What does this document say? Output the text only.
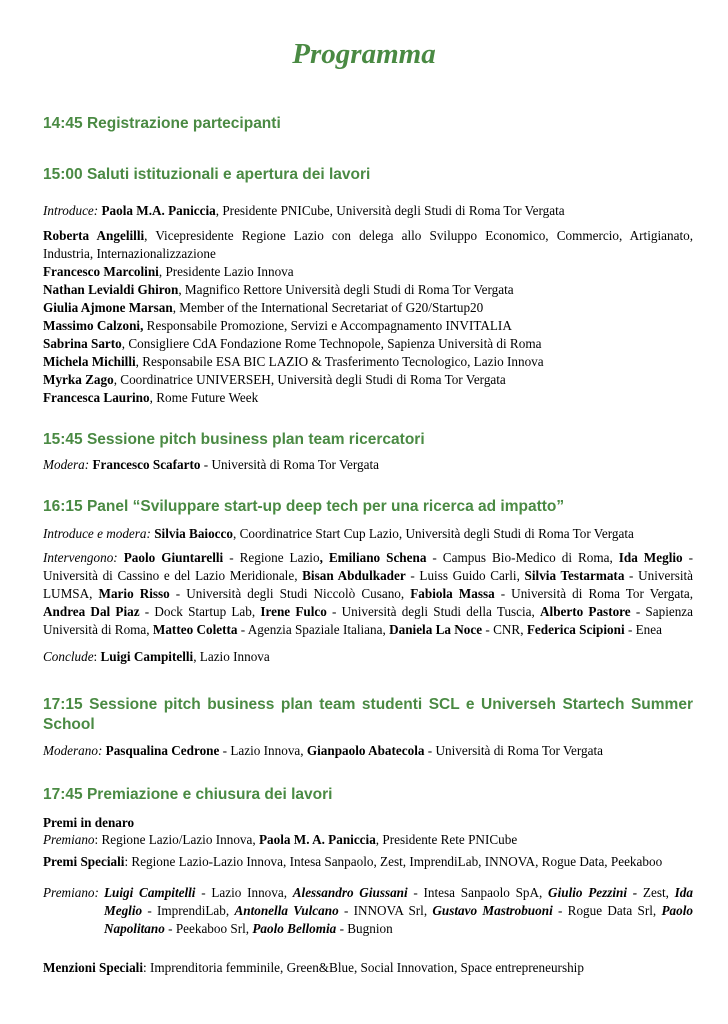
Programma
14:45 Registrazione partecipanti
15:00 Saluti istituzionali e apertura dei lavori
Introduce: Paola M.A. Paniccia, Presidente PNICube, Università degli Studi di Roma Tor Vergata
Roberta Angelilli, Vicepresidente Regione Lazio con delega allo Sviluppo Economico, Commercio, Artigianato, Industria, Internazionalizzazione
Francesco Marcolini, Presidente Lazio Innova
Nathan Levialdi Ghiron, Magnifico Rettore Università degli Studi di Roma Tor Vergata
Giulia Ajmone Marsan, Member of the International Secretariat of G20/Startup20
Massimo Calzoni, Responsabile Promozione, Servizi e Accompagnamento INVITALIA
Sabrina Sarto, Consigliere CdA Fondazione Rome Technopole, Sapienza Università di Roma
Michela Michilli, Responsabile ESA BIC LAZIO & Trasferimento Tecnologico, Lazio Innova
Myrka Zago, Coordinatrice UNIVERSEH, Università degli Studi di Roma Tor Vergata
Francesca Laurino, Rome Future Week
15:45 Sessione pitch business plan team ricercatori
Modera: Francesco Scafarto - Università di Roma Tor Vergata
16:15 Panel “Sviluppare start-up deep tech per una ricerca ad impatto”
Introduce e modera: Silvia Baiocco, Coordinatrice Start Cup Lazio, Università degli Studi di Roma Tor Vergata
Intervengono: Paolo Giuntarelli - Regione Lazio, Emiliano Schena - Campus Bio-Medico di Roma, Ida Meglio - Università di Cassino e del Lazio Meridionale, Bisan Abdulkader - Luiss Guido Carli, Silvia Testarmata - Università LUMSA, Mario Risso - Università degli Studi Niccolò Cusano, Fabiola Massa - Università di Roma Tor Vergata, Andrea Dal Piaz - Dock Startup Lab, Irene Fulco - Università degli Studi della Tuscia, Alberto Pastore - Sapienza Università di Roma, Matteo Coletta - Agenzia Spaziale Italiana, Daniela La Noce - CNR, Federica Scipioni - Enea
Conclude: Luigi Campitelli, Lazio Innova
17:15 Sessione pitch business plan team studenti SCL e Universeh Startech Summer School
Moderano: Pasqualina Cedrone - Lazio Innova, Gianpaolo Abatecola - Università di Roma Tor Vergata
17:45 Premiazione e chiusura dei lavori
Premi in denaro
Premiano: Regione Lazio/Lazio Innova, Paola M. A. Paniccia, Presidente Rete PNICube
Premi Speciali: Regione Lazio-Lazio Innova, Intesa Sanpaolo, Zest, ImprendiLab, INNOVA, Rogue Data, Peekaboo
Premiano: Luigi Campitelli - Lazio Innova, Alessandro Giussani - Intesa Sanpaolo SpA, Giulio Pezzini - Zest, Ida Meglio - ImprendiLab, Antonella Vulcano - INNOVA Srl, Gustavo Mastrobuoni - Rogue Data Srl, Paolo Napolitano - Peekaboo Srl, Paolo Bellomia - Bugnion
Menzioni Speciali: Imprenditoria femminile, Green&Blue, Social Innovation, Space entrepreneurship
